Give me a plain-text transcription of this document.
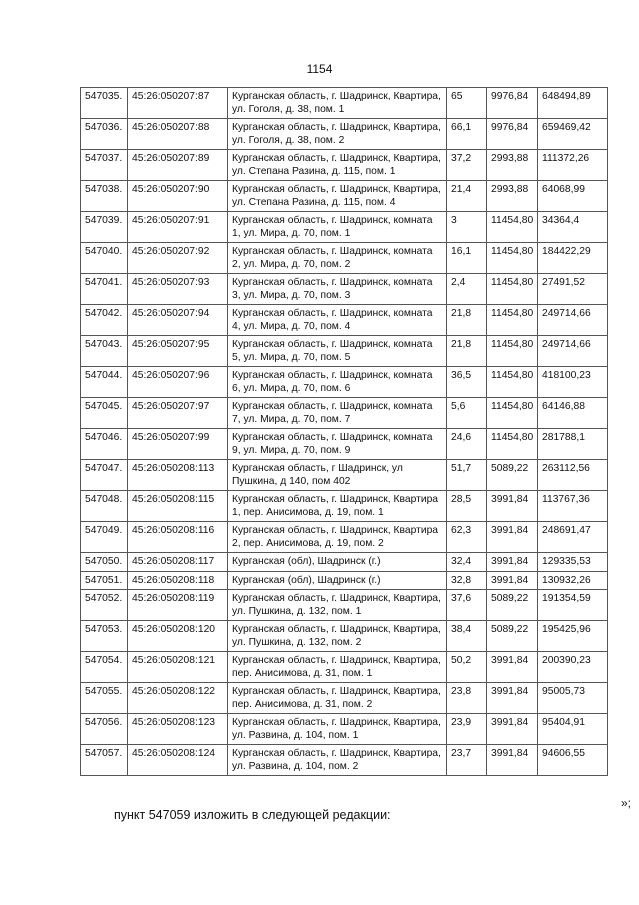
1154
547035.	45:26:050207:87	Курганская область, г. Шадринск, Квартира, ул. Гоголя, д. 38, пом. 1	65	9976,84	648494,89
547036.	45:26:050207:88	Курганская область, г. Шадринск, Квартира, ул. Гоголя, д. 38, пом. 2	66,1	9976,84	659469,42
547037.	45:26:050207:89	Курганская область, г. Шадринск, Квартира, ул. Степана Разина, д. 115, пом. 1	37,2	2993,88	111372,26
547038.	45:26:050207:90	Курганская область, г. Шадринск, Квартира, ул. Степана Разина, д. 115, пом. 4	21,4	2993,88	64068,99
547039.	45:26:050207:91	Курганская область, г. Шадринск, комната 1, ул. Мира, д. 70, пом. 1	3	11454,80	34364,4
547040.	45:26:050207:92	Курганская область, г. Шадринск, комната 2, ул. Мира, д. 70, пом. 2	16,1	11454,80	184422,29
547041.	45:26:050207:93	Курганская область, г. Шадринск, комната 3, ул. Мира, д. 70, пом. 3	2,4	11454,80	27491,52
547042.	45:26:050207:94	Курганская область, г. Шадринск, комната 4, ул. Мира, д. 70, пом. 4	21,8	11454,80	249714,66
547043.	45:26:050207:95	Курганская область, г. Шадринск, комната 5, ул. Мира, д. 70, пом. 5	21,8	11454,80	249714,66
547044.	45:26:050207:96	Курганская область, г. Шадринск, комната 6, ул. Мира, д. 70, пом. 6	36,5	11454,80	418100,23
547045.	45:26:050207:97	Курганская область, г. Шадринск, комната 7, ул. Мира, д. 70, пом. 7	5,6	11454,80	64146,88
547046.	45:26:050207:99	Курганская область, г. Шадринск, комната 9, ул. Мира, д. 70, пом. 9	24,6	11454,80	281788,1
547047.	45:26:050208:113	Курганская область, г Шадринск, ул Пушкина, д 140, пом 402	51,7	5089,22	263112,56
547048.	45:26:050208:115	Курганская область, г. Шадринск, Квартира 1, пер. Анисимова, д. 19, пом. 1	28,5	3991,84	113767,36
547049.	45:26:050208:116	Курганская область, г. Шадринск, Квартира 2, пер. Анисимова, д. 19, пом. 2	62,3	3991,84	248691,47
547050.	45:26:050208:117	Курганская (обл), Шадринск (г.)	32,4	3991,84	129335,53
547051.	45:26:050208:118	Курганская (обл), Шадринск (г.)	32,8	3991,84	130932,26
547052.	45:26:050208:119	Курганская область, г. Шадринск, Квартира, ул. Пушкина, д. 132, пом. 1	37,6	5089,22	191354,59
547053.	45:26:050208:120	Курганская область, г. Шадринск, Квартира, ул. Пушкина, д. 132, пом. 2	38,4	5089,22	195425,96
547054.	45:26:050208:121	Курганская область, г. Шадринск, Квартира, пер. Анисимова, д. 31, пом. 1	50,2	3991,84	200390,23
547055.	45:26:050208:122	Курганская область, г. Шадринск, Квартира, пер. Анисимова, д. 31, пом. 2	23,8	3991,84	95005,73
547056.	45:26:050208:123	Курганская область, г. Шадринск, Квартира, ул. Развина, д. 104, пом. 1	23,9	3991,84	95404,91
547057.	45:26:050208:124	Курганская область, г. Шадринск, Квартира, ул. Развина, д. 104, пом. 2	23,7	3991,84	94606,55
»;
пункт 547059 изложить в следующей редакции:
